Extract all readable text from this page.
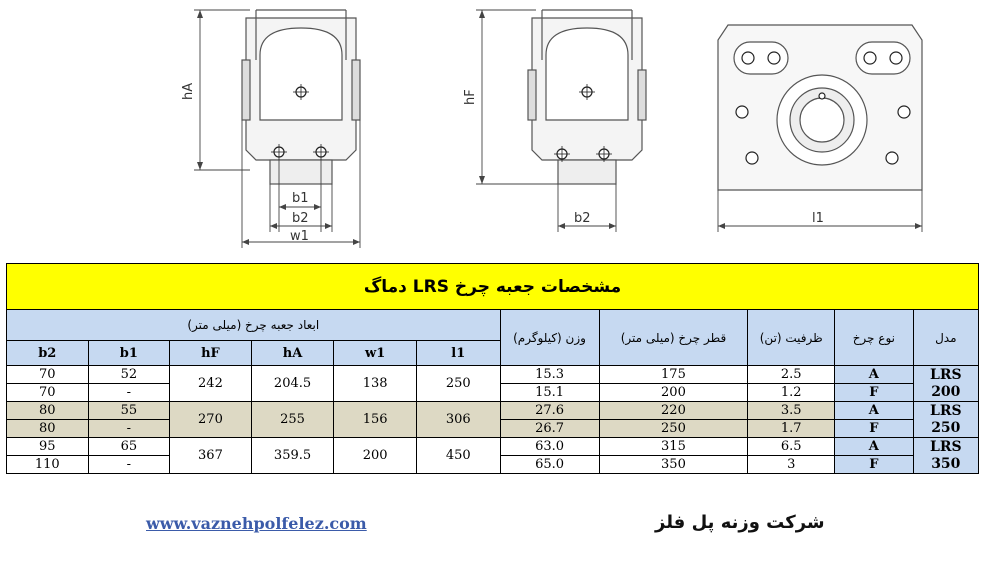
hA
b1
b2
w1
hF
b2	l1
مشخصات جعبه چرخ LRS دماگ										
ابعاد جعبه چرخ (میلی متر)						وزن (کیلوگرم)	قطر چرخ (میلی متر)	ظرفیت (تن)	نوع چرخ	مدل
b2	b1	hF	hA	w1	l1					
70	52	242	204.5	138	250	15.3	175	2.5	A	LRS 200
70	-					15.1	200	1.2	F	
80	55	270	255	156	306	27.6	220	3.5	A	LRS 250
80	-					26.7	250	1.7	F	
95	65	367	359.5	200	450	63.0	315	6.5	A	LRS 350
110	-					65.0	350	3	F	
www.vaznehpolfelez.com	شرکت وزنه پل فلز
